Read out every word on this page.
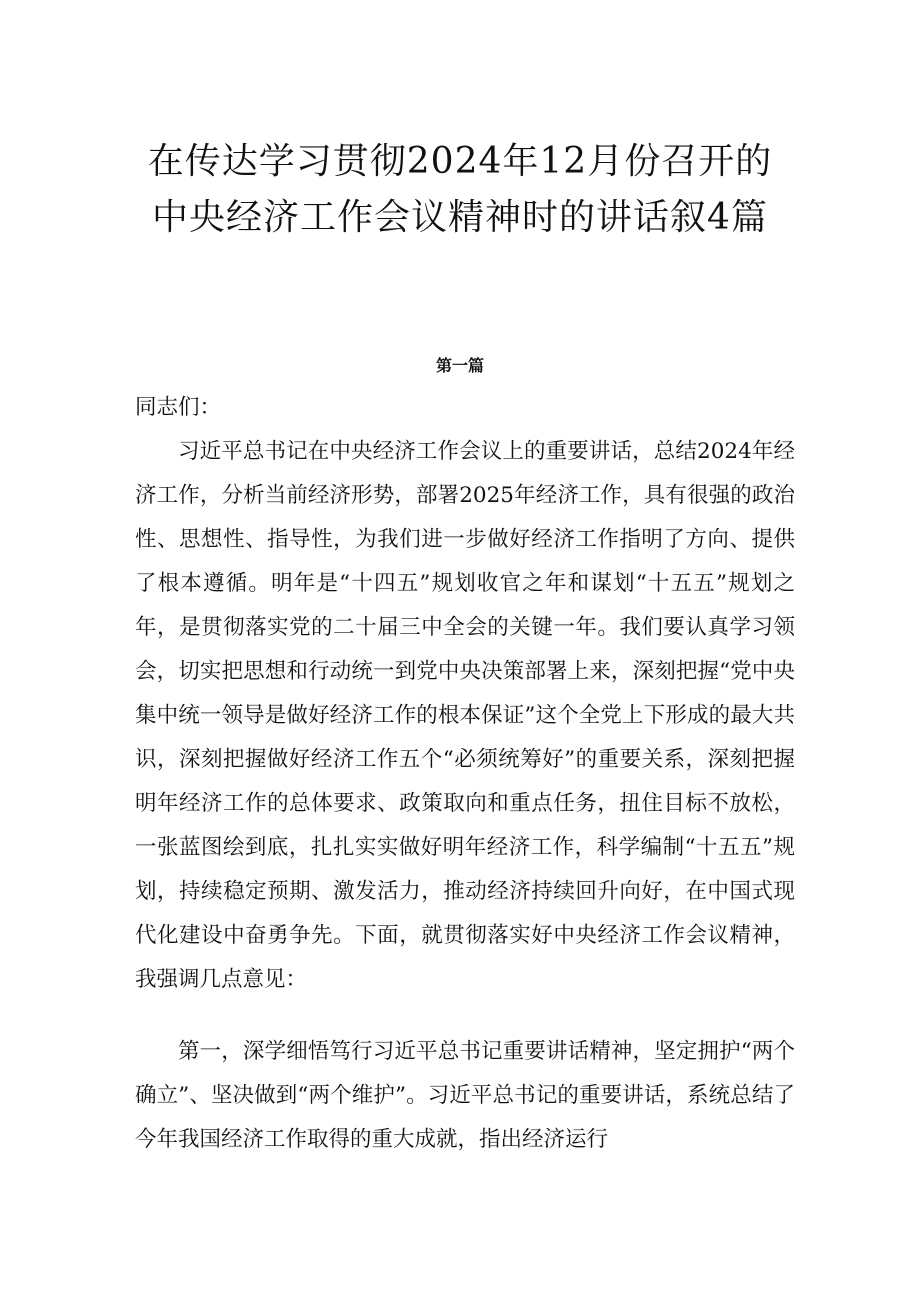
在传达学习贯彻2024年12月份召开的
中央经济工作会议精神时的讲话叙4篇
第一篇
同志们：

习近平总书记在中央经济工作会议上的重要讲话，总结2024年经济工作，分析当前经济形势，部署2025年经济工作，具有很强的政治性、思想性、指导性，为我们进一步做好经济工作指明了方向、提供了根本遵循。明年是“十四五”规划收官之年和谋划“十五五”规划之年，是贯彻落实党的二十届三中全会的关键一年。我们要认真学习领会，切实把思想和行动统一到党中央决策部署上来，深刻把握“党中央集中统一领导是做好经济工作的根本保证”这个全党上下形成的最大共识，深刻把握做好经济工作五个“必须统筹好”的重要关系，深刻把握明年经济工作的总体要求、政策取向和重点任务，扭住目标不放松，一张蓝图绘到底，扎扎实实做好明年经济工作，科学编制“十五五”规划，持续稳定预期、激发活力，推动经济持续回升向好，在中国式现代化建设中奋勇争先。下面，就贯彻落实好中央经济工作会议精神，我强调几点意见：

第一，深学细悟笃行习近平总书记重要讲话精神，坚定拥护“两个确立”、坚决做到“两个维护”。习近平总书记的重要讲话，系统总结了今年我国经济工作取得的重大成就，指出经济运行
